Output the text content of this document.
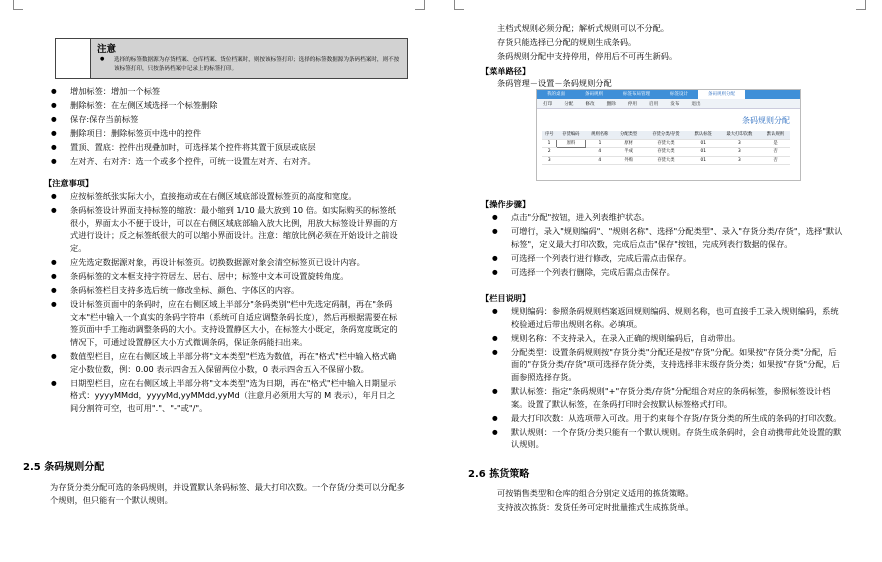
注意
● 选择的标签数据源为存货档案、仓库档案、货位档案时，则按该标签打印；选择的标签数据源为条码档案时，则不按该标签打印，只按条码档案中记录上的标签打印。
● 增加标签：增加一个标签
● 删除标签：在左侧区域选择一个标签删除
● 保存:保存当前标签
● 删除项目：删除标签页中选中的控件
● 置顶、置底：控件出现叠加时，可选择某个控件将其置于顶层或底层
● 左对齐、右对齐：选一个或多个控件，可统一设置左对齐、右对齐。
【注意事项】
● 应按标签纸张实际大小，直接拖动或在右侧区域底部设置标签页的高度和宽度。
● 条码标签设计界面支持标签的缩放：最小缩到 1/10 最大放到 10 倍。如实际购买的标签纸很小，界面太小不便于设计，可以在右侧区域底部输入放大比例，用放大标签设计界面的方式进行设计；反之标签纸很大的可以缩小界面设计。注意：缩放比例必须在开始设计之前设定。
● 应先选定数据源对象，再设计标签页。切换数据源对象会清空标签页已设计内容。
● 条码标签的文本框支持字符居左、居右、居中；标签中文本可设置旋转角度。
● 条码标签栏目支持多选后统一修改坐标、颜色、字体区的内容。
● 设计标签页面中的条码时，应在右侧区域上半部分"条码类别"栏中先选定码制，再在"条码文本"栏中输入一个真实的条码字符串（系统可自适应调整条码长度），然后再根据需要在标签页面中手工拖动调整条码的大小。支持设置静区大小，在标签大小既定，条码宽度既定的情况下，可通过设置静区大小方式微调条码，保证条码能扫出来。
● 数值型栏目，应在右侧区域上半部分将"文本类型"栏选为数值，再在"格式"栏中输入格式确定小数位数，例：0.00 表示四舍五入保留两位小数，0 表示四舍五入不保留小数。
● 日期型栏目，应在右侧区域上半部分将"文本类型"选为日期，再在"格式"栏中输入日期显示格式：yyyyMMdd，yyyyMd,yyMMdd,yyMd（注意月必须用大写的 M 表示），年月日之间分割符可空，也可用"."、"-"或"/"。
2.5 条码规则分配
为存货分类分配可选的条码规则，并设置默认条码标签、最大打印次数。一个存货/分类可以分配多个规则，但只能有一个默认规则。
主档式规则必须分配；解析式规则可以不分配。
存货只能选择已分配的规则生成条码。
条码规则分配中支持停用，停用后不可再生新码。
【菜单路径】
条码管理－设置－条码规则分配
【操作步骤】
● 点击"分配"按钮，进入列表维护状态。
● 可增行，录入"规则编码"、"规则名称"、选择"分配类型"、录入"存货分类/存货"，选择"默认标签"，定义最大打印次数，完成后点击"保存"按钮，完成列表行数据的保存。
● 可选择一个列表行进行修改，完成后需点击保存。
● 可选择一个列表行删除，完成后需点击保存。
【栏目说明】
● 规则编码：参照条码规则档案返回规则编码、规则名称，也可直接手工录入规则编码，系统校验通过后带出规则名称。必填项。
● 规则名称：不支持录入，在录入正确的规则编码后，自动带出。
● 分配类型：设置条码规则按"存货分类"分配还是按"存货"分配。如果按"存货分类"分配，后面的"存货分类/存货"项可选择存货分类，支持选择非末级存货分类；如果按"存货"分配，后面参照选择存货。
● 默认标签：指定"条码规则"+"存货分类/存货"分配组合对应的条码标签，参照标签设计档案。设置了默认标签，在条码打印时会按默认标签格式打印。
● 最大打印次数：从选项带入可改。用于约束每个存货/存货分类的所生成的条码的打印次数。
● 默认规则：一个存货/分类只能有一个默认规则。存货生成条码时，会自动携带此处设置的默认规则。
2.6 拣货策略
可按销售类型和仓库的组合分别定义适用的拣货策略。
支持波次拣货：发货任务可定时批量推式生成拣货单。
我的桌面	条码规则	标签布局管理	标签设计	条码规则分配
打印	分配	修改	删除	停用	启用	发布	退出
条码规则分配
序号	存货编码	规则名称	分配类型	存货分类/存货	默认标签	最大打印次数	默认规则
1	原料	1	原材	存货大类	01	3	是
2		4	半成	存货大类	01	3	否
3		4	外购	存货大类	01	3	否
